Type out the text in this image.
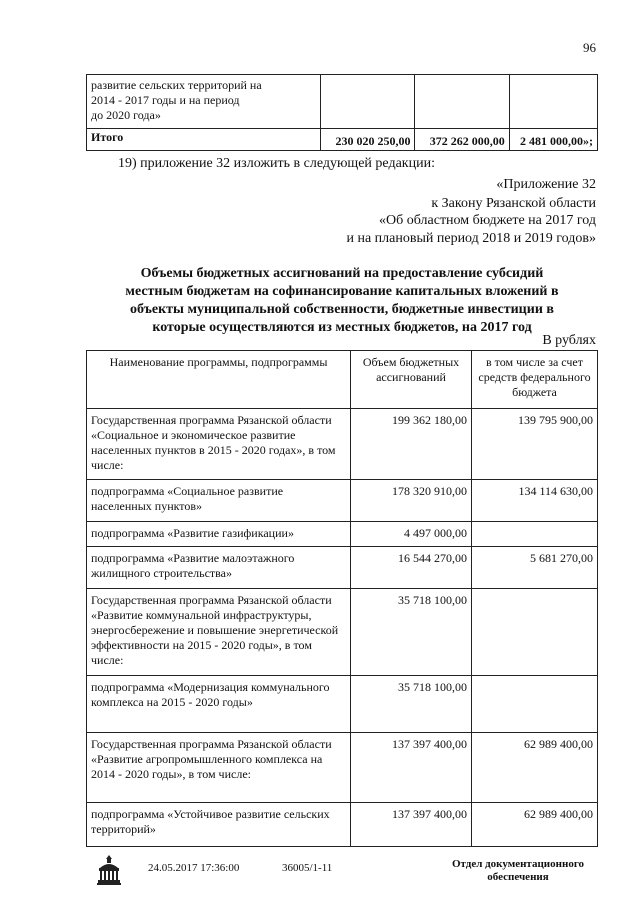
96
развитие сельских территорий на
2014 - 2017 годы и на период
до 2020 года»			
Итого	230 020 250,00	372 262 000,00	2 481 000,00»;
19) приложение 32 изложить в следующей редакции:
«Приложение 32
к Закону Рязанской области
«Об областном бюджете на 2017 год
и на плановый период 2018 и 2019 годов»
Объемы бюджетных ассигнований на предоставление субсидий
местным бюджетам на софинансирование капитальных вложений в
объекты муниципальной собственности, бюджетные инвестиции в
которые осуществляются из местных бюджетов, на 2017 год
В рублях
Наименование программы, подпрограммы	Объем бюджетных ассигнований	в том числе за счет средств федерального бюджета
Государственная программа Рязанской области «Социальное и экономическое развитие населенных пунктов в 2015 - 2020 годах», в том числе:	199 362 180,00	139 795 900,00
подпрограмма «Социальное развитие населенных пунктов»	178 320 910,00	134 114 630,00
подпрограмма «Развитие газификации»	4 497 000,00	
подпрограмма «Развитие малоэтажного жилищного строительства»	16 544 270,00	5 681 270,00
Государственная программа Рязанской области «Развитие коммунальной инфраструктуры, энергосбережение и повышение энергетической эффективности на 2015 - 2020 годы», в том числе:	35 718 100,00	
подпрограмма «Модернизация коммунального комплекса на 2015 - 2020 годы»	35 718 100,00	
Государственная программа Рязанской области «Развитие агропромышленного комплекса на 2014 - 2020 годы», в том числе:	137 397 400,00	62 989 400,00
подпрограмма «Устойчивое развитие сельских территорий»	137 397 400,00	62 989 400,00
24.05.2017 17:36:00	36005/1-11	Отдел документационного
обеспечения
